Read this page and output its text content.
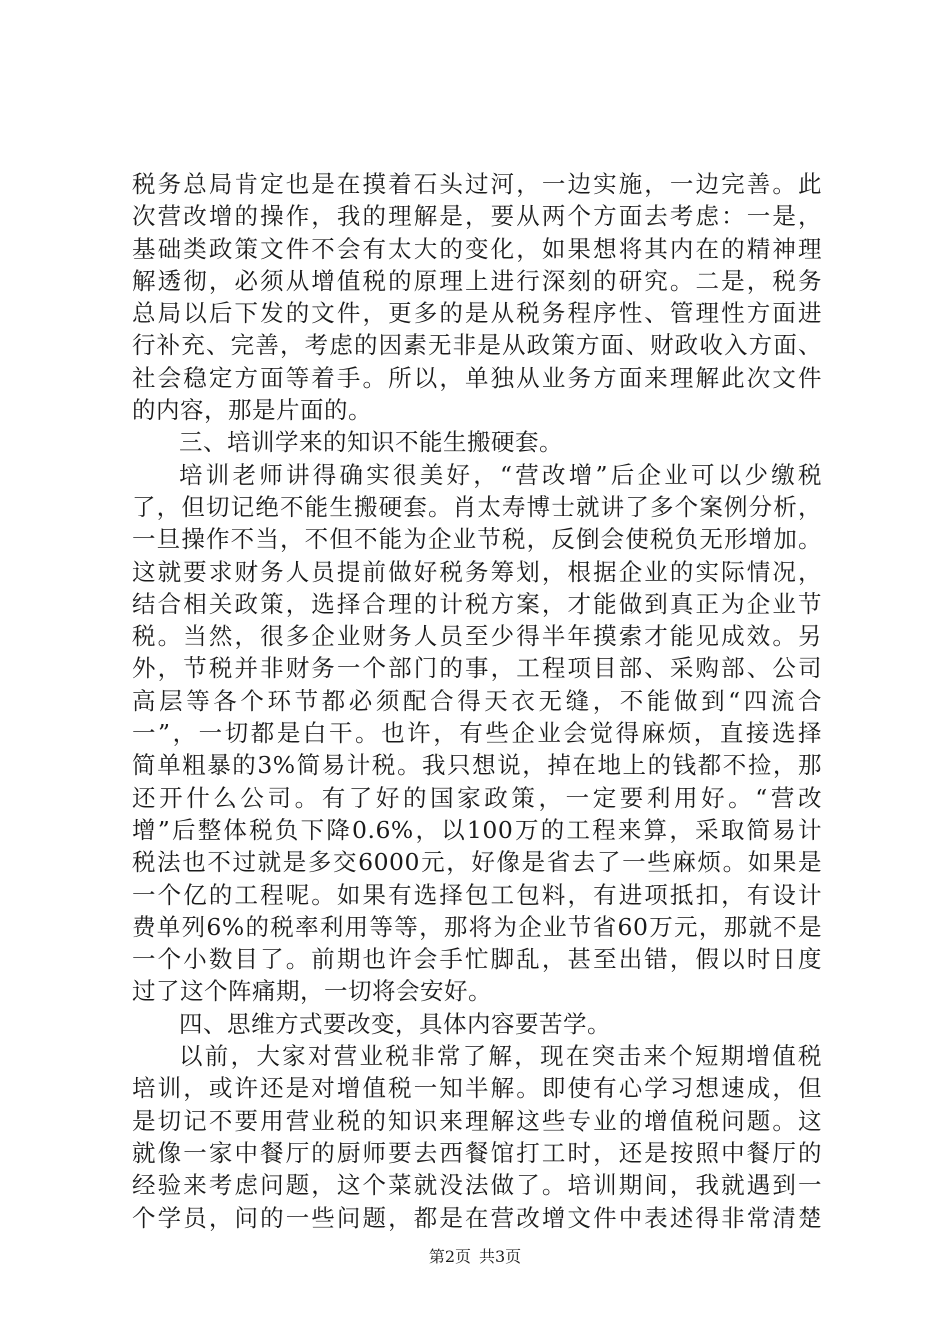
税务总局肯定也是在摸着石头过河，一边实施，一边完善。此
次营改增的操作，我的理解是，要从两个方面去考虑：一是，
基础类政策文件不会有太大的变化，如果想将其内在的精神理
解透彻，必须从增值税的原理上进行深刻的研究。二是，税务
总局以后下发的文件，更多的是从税务程序性、管理性方面进
行补充、完善，考虑的因素无非是从政策方面、财政收入方面、
社会稳定方面等着手。所以，单独从业务方面来理解此次文件
的内容，那是片面的。
三、培训学来的知识不能生搬硬套。
培训老师讲得确实很美好，“营改增”后企业可以少缴税
了，但切记绝不能生搬硬套。肖太寿博士就讲了多个案例分析，
一旦操作不当，不但不能为企业节税，反倒会使税负无形增加。
这就要求财务人员提前做好税务筹划，根据企业的实际情况，
结合相关政策，选择合理的计税方案，才能做到真正为企业节
税。当然，很多企业财务人员至少得半年摸索才能见成效。另
外，节税并非财务一个部门的事，工程项目部、采购部、公司
高层等各个环节都必须配合得天衣无缝，不能做到“四流合
一”，一切都是白干。也许，有些企业会觉得麻烦，直接选择
简单粗暴的3%简易计税。我只想说，掉在地上的钱都不捡，那
还开什么公司。有了好的国家政策，一定要利用好。“营改
增”后整体税负下降0.6%，以100万的工程来算，采取简易计
税法也不过就是多交6000元，好像是省去了一些麻烦。如果是
一个亿的工程呢。如果有选择包工包料，有进项抵扣，有设计
费单列6%的税率利用等等，那将为企业节省60万元，那就不是
一个小数目了。前期也许会手忙脚乱，甚至出错，假以时日度
过了这个阵痛期，一切将会安好。
四、思维方式要改变，具体内容要苦学。
以前，大家对营业税非常了解，现在突击来个短期增值税
培训，或许还是对增值税一知半解。即使有心学习想速成，但
是切记不要用营业税的知识来理解这些专业的增值税问题。这
就像一家中餐厅的厨师要去西餐馆打工时，还是按照中餐厅的
经验来考虑问题，这个菜就没法做了。培训期间，我就遇到一
个学员，问的一些问题，都是在营改增文件中表述得非常清楚
第2页 共3页
